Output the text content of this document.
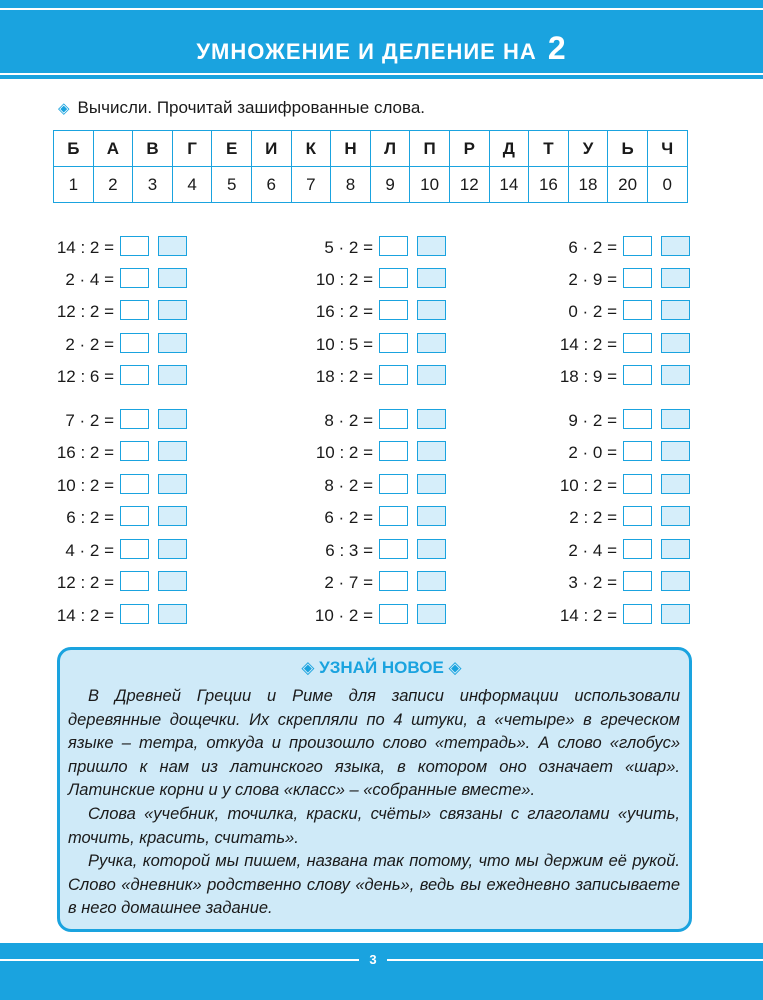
УМНОЖЕНИЕ И ДЕЛЕНИЕ НА 2
◈ Вычисли. Прочитай зашифрованные слова.
Б	А	В	Г	Е	И	К	Н	Л	П	Р	Д	Т	У	Ь	Ч
1	2	3	4	5	6	7	8	9	10	12	14	16	18	20	0
14 : 2 =
2 · 4 =
12 : 2 =
2 · 2 =
12 : 6 =
7 · 2 =
16 : 2 =
10 : 2 =
6 : 2 =
4 · 2 =
12 : 2 =
14 : 2 =
5 · 2 =
10 : 2 =
16 : 2 =
10 : 5 =
18 : 2 =
8 · 2 =
10 : 2 =
8 · 2 =
6 · 2 =
6 : 3 =
2 · 7 =
10 · 2 =
6 · 2 =
2 · 9 =
0 · 2 =
14 : 2 =
18 : 9 =
9 · 2 =
2 · 0 =
10 : 2 =
2 : 2 =
2 · 4 =
3 · 2 =
14 : 2 =
◈ УЗНАЙ НОВОЕ ◈

В Древней Греции и Риме для записи информации использовали деревянные дощечки. Их скрепляли по 4 штуки, а «четыре» в греческом языке – тетра, откуда и произошло слово «тетрадь». А слово «глобус» пришло к нам из латинского языка, в котором оно означает «шар». Латинские корни и у слова «класс» – «собранные вместе».

Слова «учебник, точилка, краски, счёты» связаны с глаголами «учить, точить, красить, считать».

Ручка, которой мы пишем, названа так потому, что мы держим её рукой. Слово «дневник» родственно слову «день», ведь вы ежедневно записываете в него домашнее задание.

3
